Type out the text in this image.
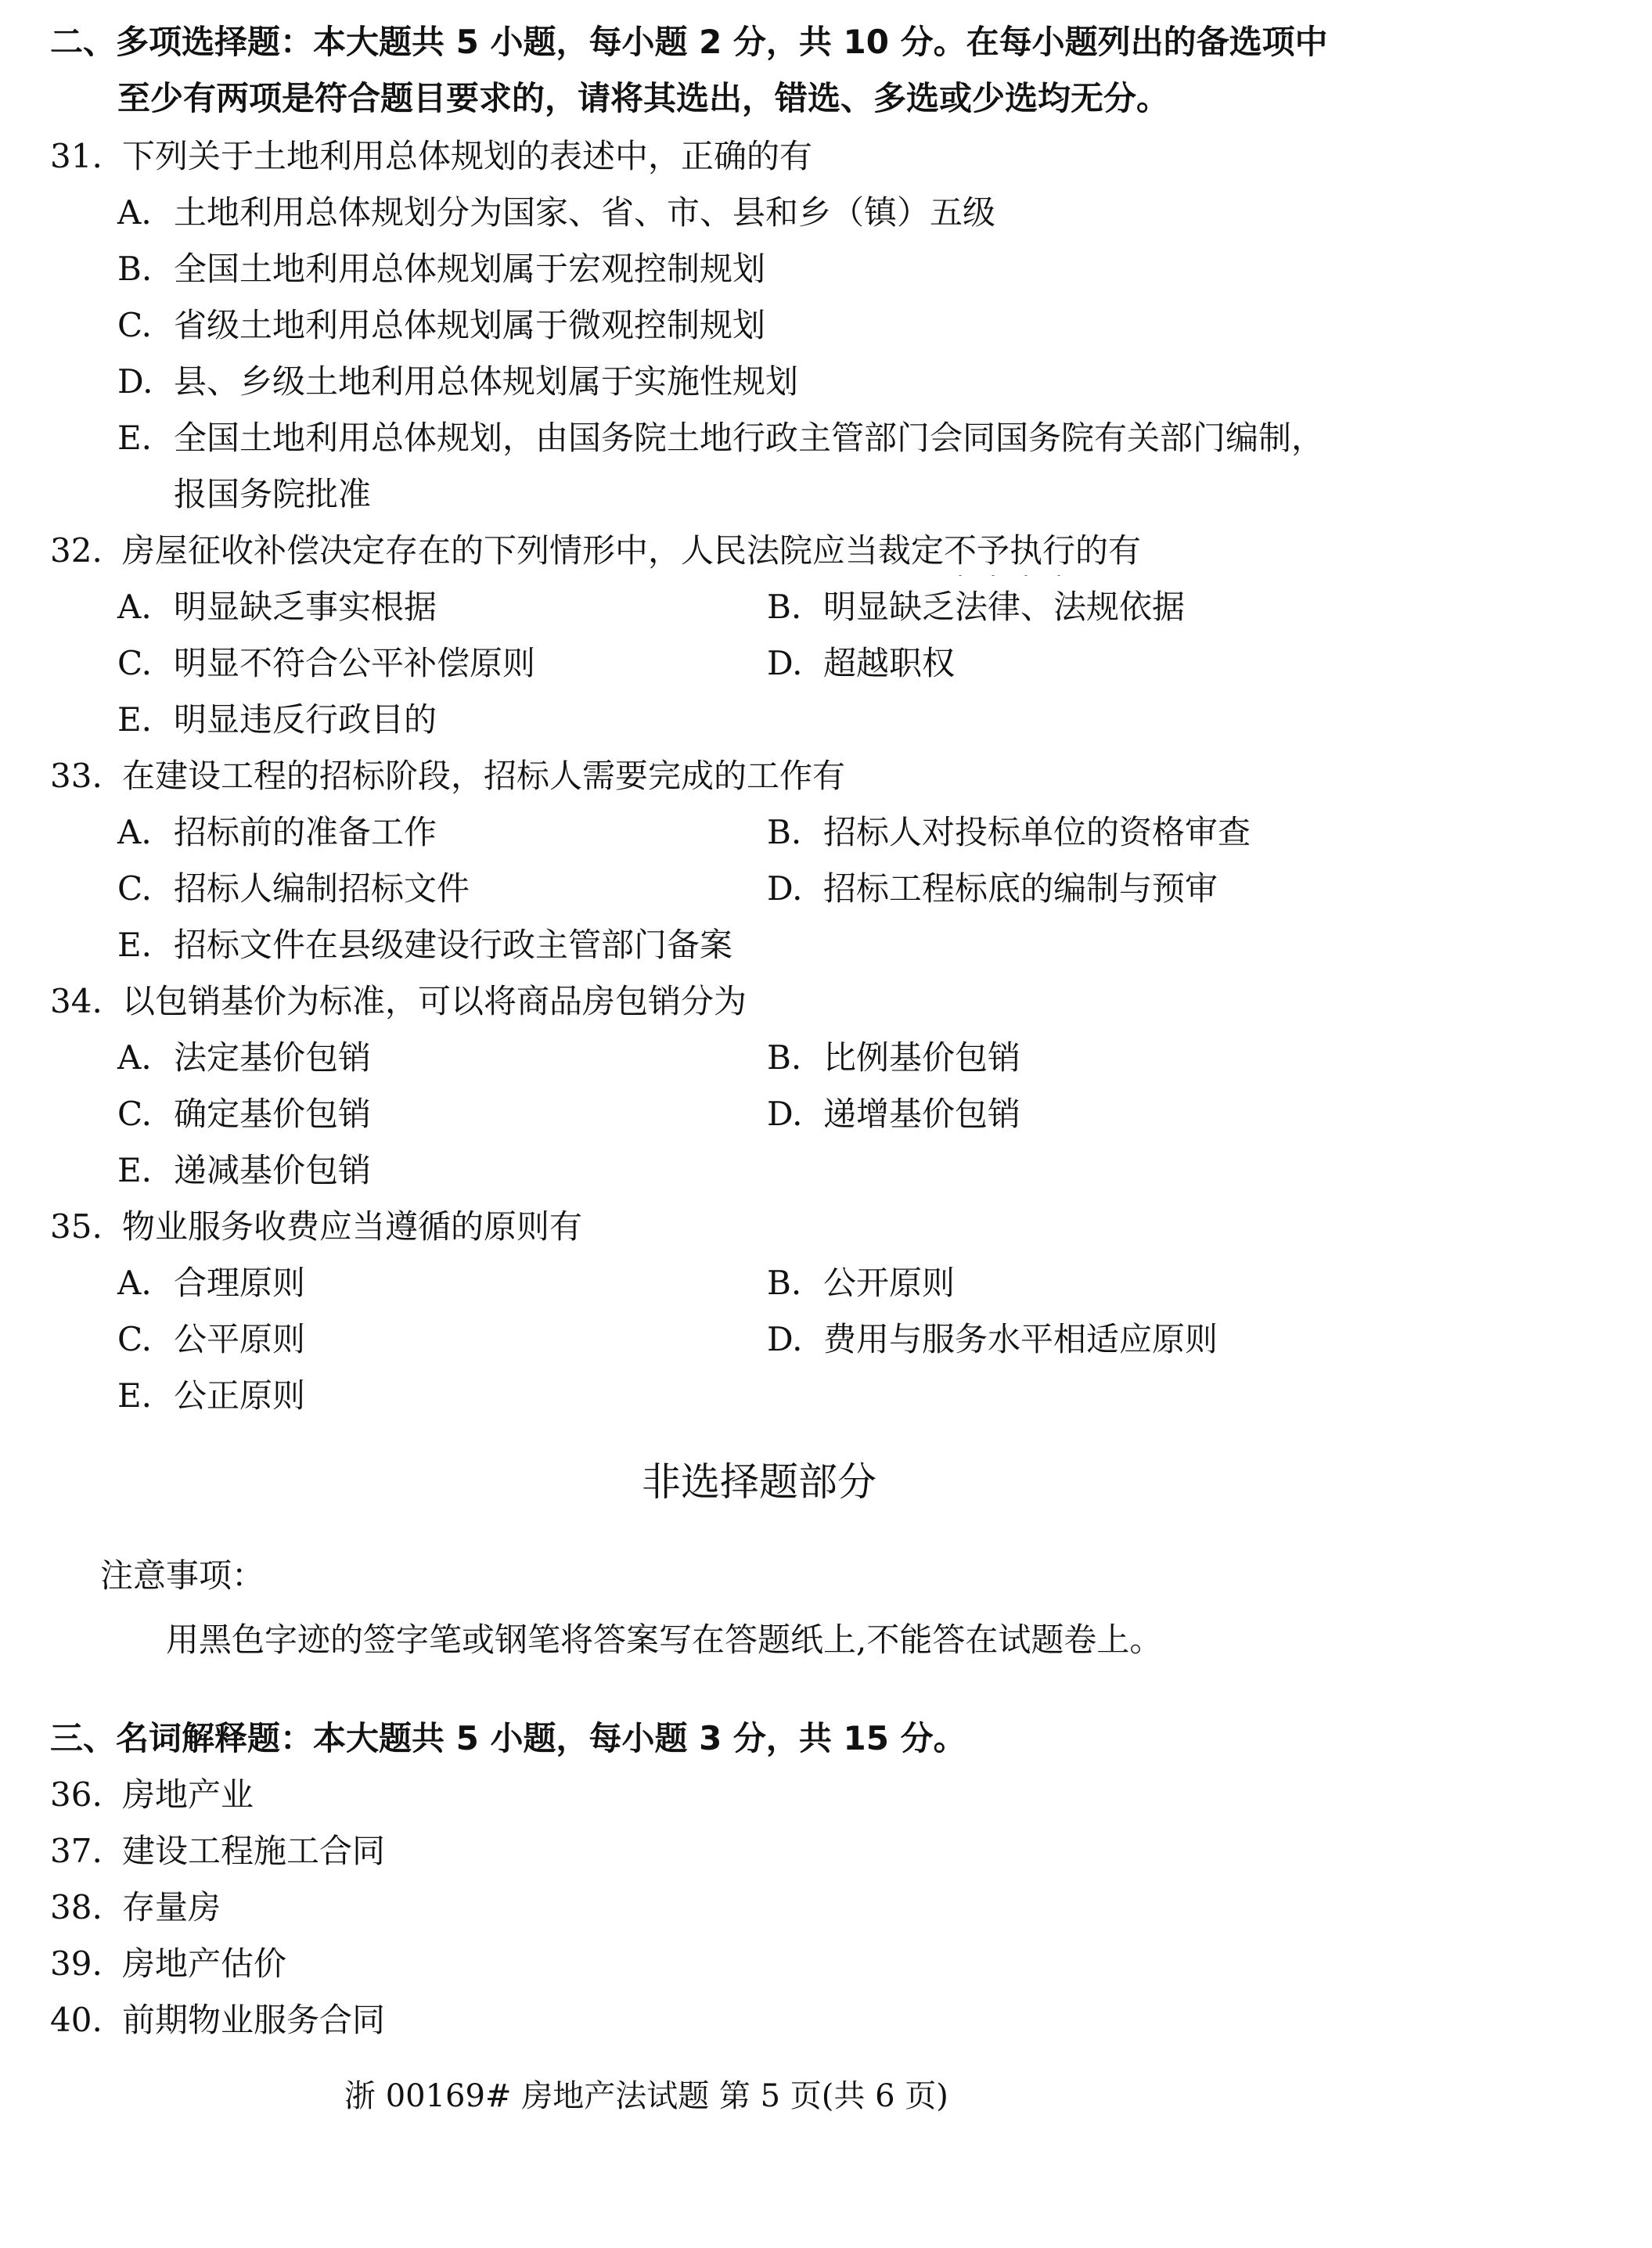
二、多项选择题：本大题共 5 小题，每小题 2 分，共 10 分。在每小题列出的备选项中
至少有两项是符合题目要求的，请将其选出，错选、多选或少选均无分。
31. 下列关于土地利用总体规划的表述中，正确的有
A. 土地利用总体规划分为国家、省、市、县和乡（镇）五级
B. 全国土地利用总体规划属于宏观控制规划
C. 省级土地利用总体规划属于微观控制规划
D. 县、乡级土地利用总体规划属于实施性规划
E. 全国土地利用总体规划，由国务院土地行政主管部门会同国务院有关部门编制，
报国务院批准
32. 房屋征收补偿决定存在的下列情形中，人民法院应当裁定不予执行的有
A. 明显缺乏事实根据	B. 明显缺乏法律、法规依据
C. 明显不符合公平补偿原则	D. 超越职权
E. 明显违反行政目的
33. 在建设工程的招标阶段，招标人需要完成的工作有
A. 招标前的准备工作	B. 招标人对投标单位的资格审查
C. 招标人编制招标文件	D. 招标工程标底的编制与预审
E. 招标文件在县级建设行政主管部门备案
34. 以包销基价为标准，可以将商品房包销分为
A. 法定基价包销	B. 比例基价包销
C. 确定基价包销	D. 递增基价包销
E. 递减基价包销
35. 物业服务收费应当遵循的原则有
A. 合理原则	B. 公开原则
C. 公平原则	D. 费用与服务水平相适应原则
E. 公正原则
非选择题部分
注意事项：
用黑色字迹的签字笔或钢笔将答案写在答题纸上,不能答在试题卷上。
三、名词解释题：本大题共 5 小题，每小题 3 分，共 15 分。
36. 房地产业
37. 建设工程施工合同
38. 存量房
39. 房地产估价
40. 前期物业服务合同
浙 00169# 房地产法试题 第 5 页(共 6 页)
